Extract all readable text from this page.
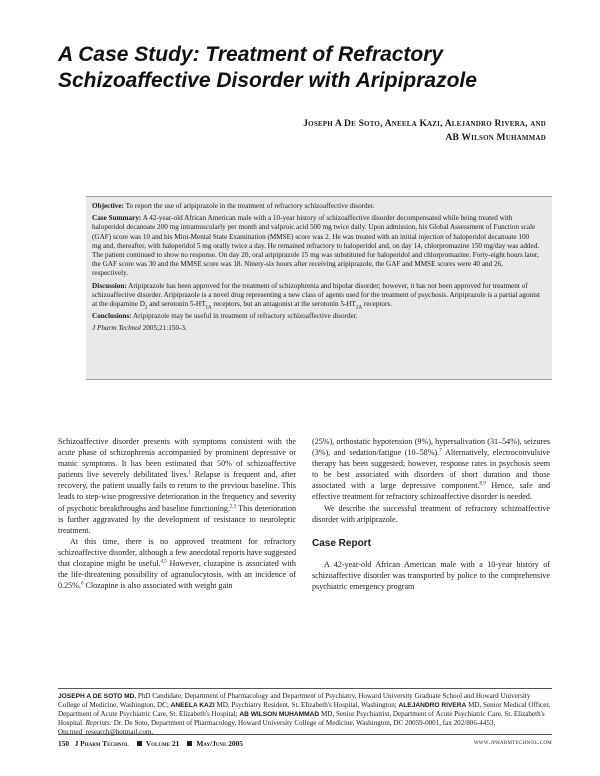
A Case Study: Treatment of Refractory
Schizoaffective Disorder with Aripiprazole
Joseph A De Soto, Aneela Kazi, Alejandro Rivera, and
AB Wilson Muhammad

Objective: To report the use of aripiprazole in the treatment of refractory schizoaffective disorder.

Case Summary: A 42-year-old African American male with a 10-year history of schizoaffective disorder decompensated while being treated with haloperidol decanoate 200 mg intramuscularly per month and valproic acid 500 mg twice daily. Upon admission, his Global Assessment of Function scale (GAF) score was 10 and his Mini-Mental State Examination (MMSE) score was 2. He was treated with an initial injection of haloperidol decanoate 100 mg and, thereafter, with haloperidol 5 mg orally twice a day. He remained refractory to haloperidol and, on day 14, chlorpromazine 150 mg/day was added. The patient continued to show no response. On day 20, oral aripiprazole 15 mg was substituted for haloperidol and chlorpromazine. Forty-eight hours later, the GAF score was 30 and the MMSE score was 18. Ninety-six hours after receiving aripiprazole, the GAF and MMSE scores were 40 and 26, respectively.

Discussion: Aripiprazole has been approved for the treatment of schizophrenia and bipolar disorder; however, it has not been approved for treatment of schizoaffective disorder. Aripiprazole is a novel drug representing a new class of agents used for the treatment of psychosis. Aripiprazole is a partial agonist at the dopamine $D_2$ and serotonin $5-HT_{1A}$ receptors, but an antagonist at the serotonin $5-HT_{2A}$ receptors.

Conclusions: Aripiprazole may be useful in treatment of refractory schizoaffective disorder.

J Pharm Technol 2005;21:150-3.

Schizoaffective disorder presents with symptoms consistent with the acute phase of schizophrenia accompanied by prominent depressive or manic symptoms. It has been estimated that 50% of schizoaffective patients live severely debilitated lives.$^1$ Relapse is frequent and, after recovery, the patient usually fails to return to the previous baseline. This leads to step-wise progressive deterioration in the frequency and severity of psychotic breakthroughs and baseline functioning.$^{2,3}$ This deterioration is further aggravated by the development of resistance to neuroleptic treatment.

At this time, there is no approved treatment for refractory schizoaffective disorder, although a few anecdotal reports have suggested that clozapine might be useful.$^{4,5}$ However, clozapine is associated with the life-threatening possibility of agranulocytosis, with an incidence of 0.25%.$^6$ Clozapine is also associated with weight gain

(25%), orthostatic hypotension (9%), hypersalivation (31–54%), seizures (3%), and sedation/fatigue (10–58%).$^7$ Alternatively, electroconvulsive therapy has been suggested; however, response rates in psychosis seem to be best associated with disorders of short duration and those associated with a large depressive component.$^{8,9}$ Hence, safe and effective treatment for refractory schizoaffective disorder is needed.

We describe the successful treatment of refractory schizoaffective disorder with aripiprazole.

Case Report

A 42-year-old African American male with a 10-year history of schizoaffective disorder was transported by police to the comprehensive psychiatric emergency program

JOSEPH A DE SOTO MD, PhD Candidate, Department of Pharmacology and Department of Psychiatry, Howard University Graduate School and Howard University College of Medicine, Washington, DC; ANEELA KAZI MD, Psychiatry Resident, St. Elizabeth's Hospital, Washington; ALEJANDRO RIVERA MD, Senior Medical Officer, Department of Acute Psychiatric Care, St. Elizabeth's Hospital; AB WILSON MUHAMMAD MD, Senior Psychiatrist, Department of Acute Psychiatric Care, St. Elizabeth's Hospital. Reprints: Dr. De Soto, Department of Pharmacology, Howard University College of Medicine, Washington, DC 20059-0001, fax 202/806-4453, Oncmed_research@hotmail.com.
150 J Pharm Technol Volume 21 May/June 2005	www.jpharmtechnol.com
